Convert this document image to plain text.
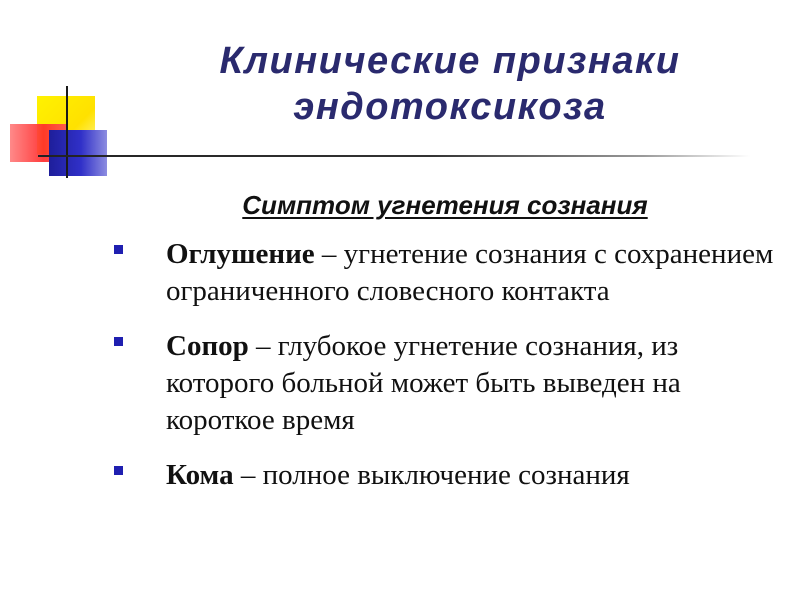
Клинические признаки
эндотоксикоза
Симптом угнетения сознания
Оглушение – угнетение сознания с сохранением ограниченного словесного контакта
Сопор – глубокое угнетение сознания, из которого больной может быть выведен на короткое время
Кома – полное выключение сознания
